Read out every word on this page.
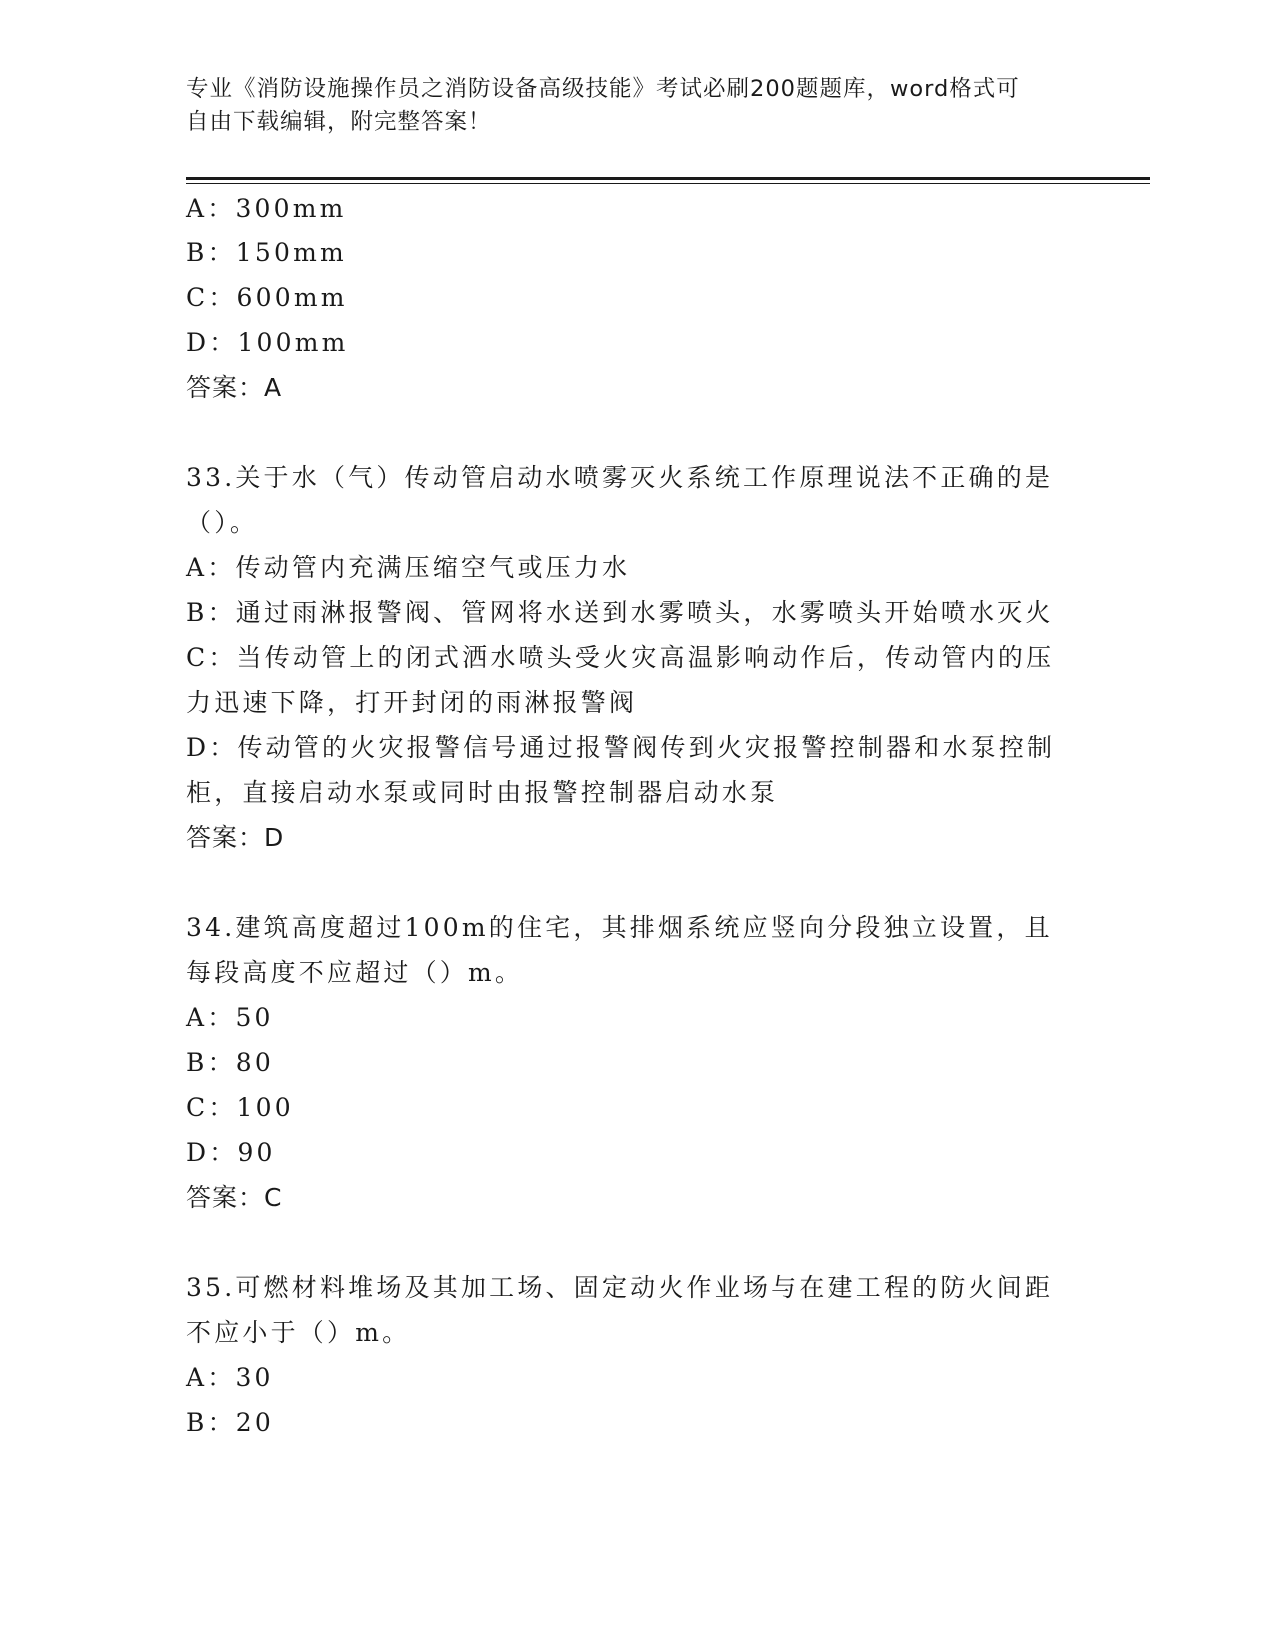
专业《消防设施操作员之消防设备高级技能》考试必刷200题题库，word格式可
自由下载编辑，附完整答案！
A：300mm
B：150mm
C：600mm
D：100mm
答案：A
33.关于水（气）传动管启动水喷雾灭火系统工作原理说法不正确的是
（）。
A：传动管内充满压缩空气或压力水
B：通过雨淋报警阀、管网将水送到水雾喷头，水雾喷头开始喷水灭火
C：当传动管上的闭式洒水喷头受火灾高温影响动作后，传动管内的压
力迅速下降，打开封闭的雨淋报警阀
D：传动管的火灾报警信号通过报警阀传到火灾报警控制器和水泵控制
柜，直接启动水泵或同时由报警控制器启动水泵
答案：D
34.建筑高度超过100m的住宅，其排烟系统应竖向分段独立设置，且
每段高度不应超过（）m。
A：50
B：80
C：100
D：90
答案：C
35.可燃材料堆场及其加工场、固定动火作业场与在建工程的防火间距
不应小于（）m。
A：30
B：20
